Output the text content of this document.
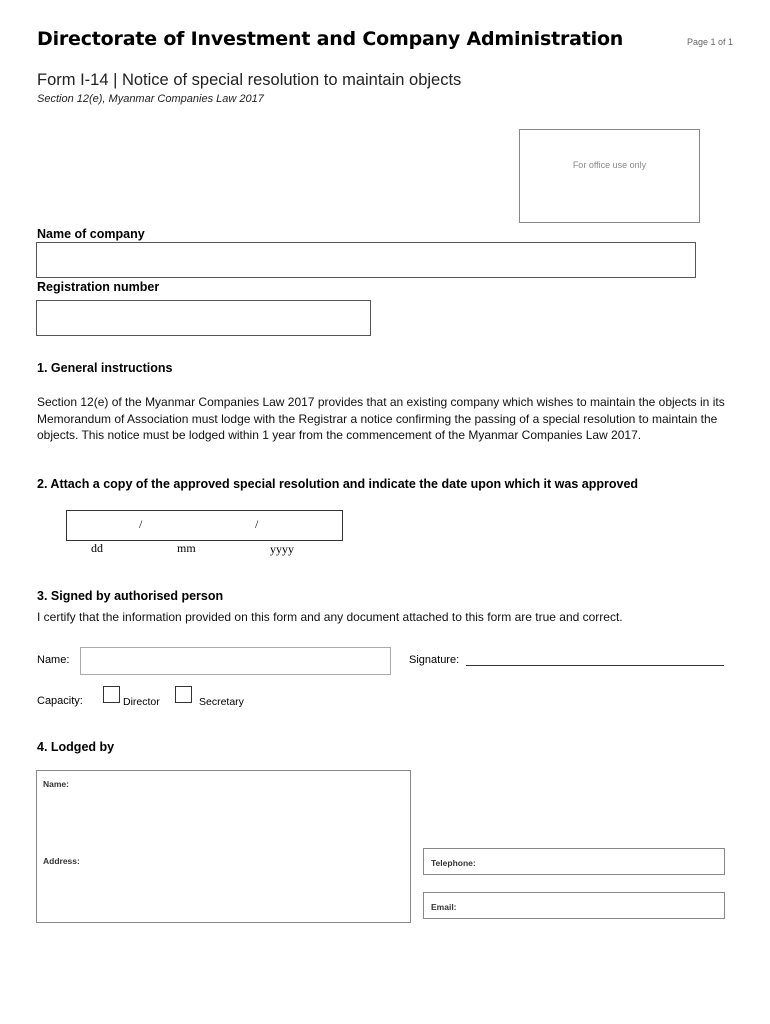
Directorate of Investment and Company Administration	Page 1 of 1
Form I-14 | Notice of special resolution to maintain objects
Section 12(e), Myanmar Companies Law 2017
For office use only
Name of company
Registration number
1. General instructions
Section 12(e) of the Myanmar Companies Law 2017 provides that an existing company which wishes to maintain the objects in its Memorandum of Association must lodge with the Registrar a notice confirming the passing of a special resolution to maintain the objects. This notice must be lodged within 1 year from the commencement of the Myanmar Companies Law 2017.
2. Attach a copy of the approved special resolution and indicate the date upon which it was approved
/	/
dd	mm	yyyy
3. Signed by authorised person
I certify that the information provided on this form and any document attached to this form are true and correct.
Name:	Signature:
Capacity:	Director	Secretary
4. Lodged by
Name:
Address:	Telephone:
Email:
